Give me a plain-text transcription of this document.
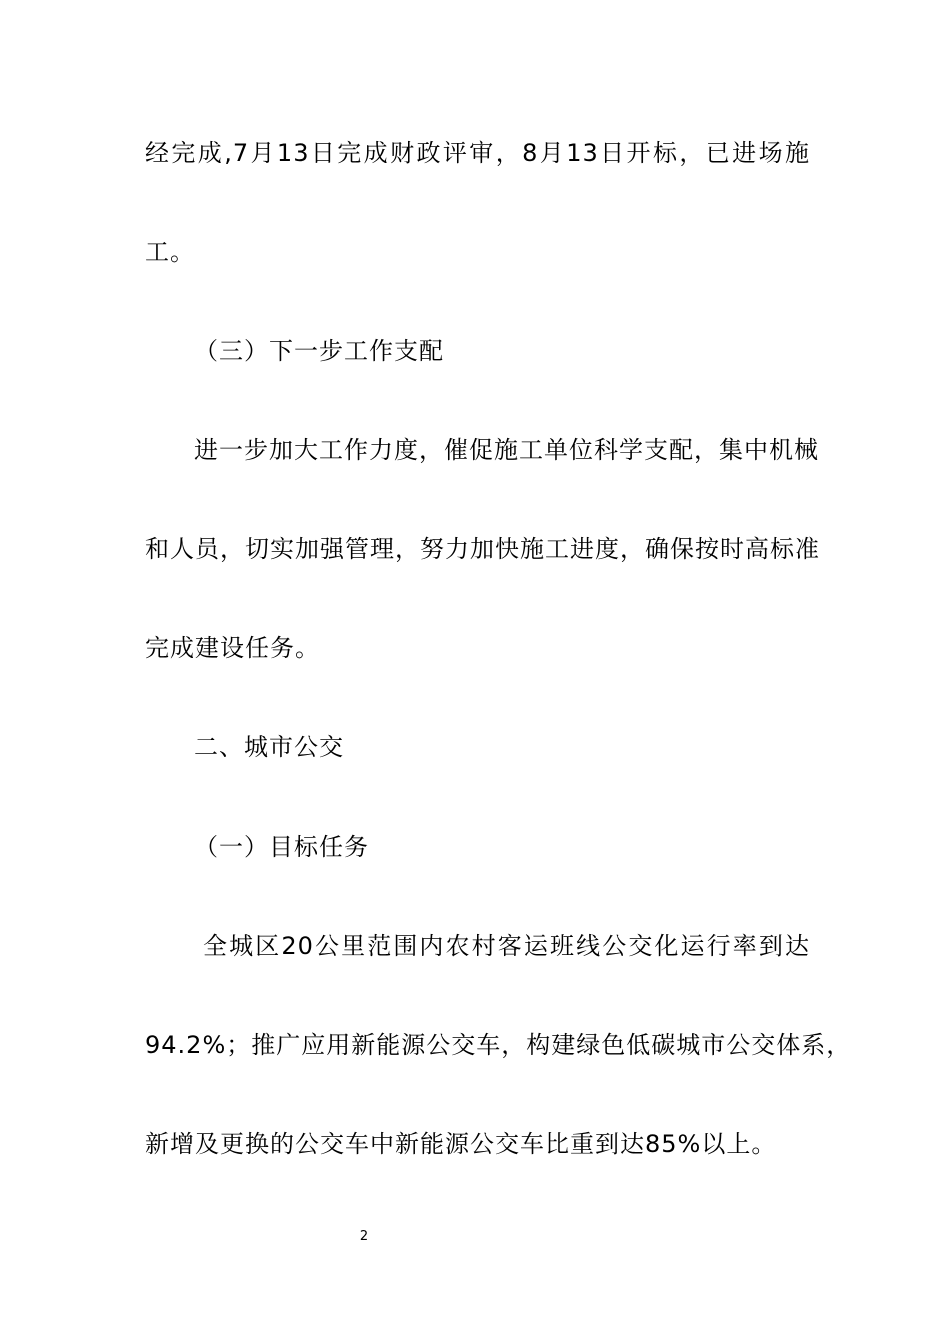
经完成,7月13日完成财政评审，8月13日开标，已进场施
工。
（三）下一步工作支配
进一步加大工作力度，催促施工单位科学支配，集中机械
和人员，切实加强管理，努力加快施工进度，确保按时高标准
完成建设任务。
二、城市公交
（一）目标任务
全城区20公里范围内农村客运班线公交化运行率到达
94.2%；推广应用新能源公交车，构建绿色低碳城市公交体系，
新增及更换的公交车中新能源公交车比重到达85%以上。
2
